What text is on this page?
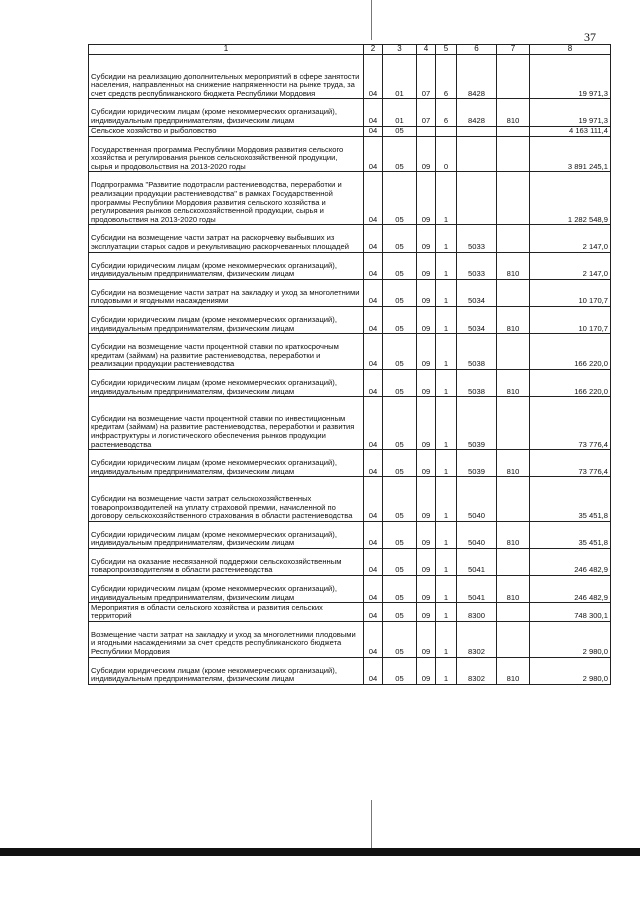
37
1	2	3	4	5	6	7	8
Субсидии на реализацию дополнительных мероприятий в сфере занятости населения, направленных на снижение напряженности на рынке труда, за счет средств республиканского бюджета Республики Мордовия	04	01	07	6	8428		19 971,3
Субсидии юридическим лицам (кроме некоммерческих организаций), индивидуальным предпринимателям, физическим лицам	04	01	07	6	8428	810	19 971,3
Сельское хозяйство и рыболовство	04	05					4 163 111,4
Государственная программа Республики Мордовия развития сельского хозяйства и регулирования рынков сельскохозяйственной продукции, сырья и продовольствия на 2013-2020 годы	04	05	09	0			3 891 245,1
Подпрограмма "Развитие подотрасли растениеводства, переработки и реализации продукции растениеводства" в рамках Государственной программы Республики Мордовия развития сельского хозяйства и регулирования рынков сельскохозяйственной продукции, сырья и продовольствия на 2013-2020 годы	04	05	09	1			1 282 548,9
Субсидии на возмещение части затрат на раскорчевку выбывших из эксплуатации старых садов и рекультивацию раскорчеванных площадей	04	05	09	1	5033		2 147,0
Субсидии юридическим лицам (кроме некоммерческих организаций), индивидуальным предпринимателям, физическим лицам	04	05	09	1	5033	810	2 147,0
Субсидии на возмещение части затрат на закладку и уход за многолетними плодовыми и ягодными насаждениями	04	05	09	1	5034		10 170,7
Субсидии юридическим лицам (кроме некоммерческих организаций), индивидуальным предпринимателям, физическим лицам	04	05	09	1	5034	810	10 170,7
Субсидии на возмещение части процентной ставки по краткосрочным кредитам (займам) на развитие растениеводства, переработки и реализации продукции растениеводства	04	05	09	1	5038		166 220,0
Субсидии юридическим лицам (кроме некоммерческих организаций), индивидуальным предпринимателям, физическим лицам	04	05	09	1	5038	810	166 220,0
Субсидии на возмещение части процентной ставки по инвестиционным кредитам (займам) на развитие растениеводства, переработки и развития инфраструктуры и логистического обеспечения рынков продукции растениеводства	04	05	09	1	5039		73 776,4
Субсидии юридическим лицам (кроме некоммерческих организаций), индивидуальным предпринимателям, физическим лицам	04	05	09	1	5039	810	73 776,4
Субсидии на возмещение части затрат сельскохозяйственных товаропроизводителей на уплату страховой премии, начисленной по договору сельскохозяйственного страхования в области растениеводства	04	05	09	1	5040		35 451,8
Субсидии юридическим лицам (кроме некоммерческих организаций), индивидуальным предпринимателям, физическим лицам	04	05	09	1	5040	810	35 451,8
Субсидии на оказание несвязанной поддержки сельскохозяйственным товаропроизводителям в области растениеводства	04	05	09	1	5041		246 482,9
Субсидии юридическим лицам (кроме некоммерческих организаций), индивидуальным предпринимателям, физическим лицам	04	05	09	1	5041	810	246 482,9
Мероприятия в области сельского хозяйства и развития сельских территорий	04	05	09	1	8300		748 300,1
Возмещение части затрат на закладку и уход за многолетними плодовыми и ягодными насаждениями за счет средств республиканского бюджета Республики Мордовия	04	05	09	1	8302		2 980,0
Субсидии юридическим лицам (кроме некоммерческих организаций), индивидуальным предпринимателям, физическим лицам	04	05	09	1	8302	810	2 980,0
